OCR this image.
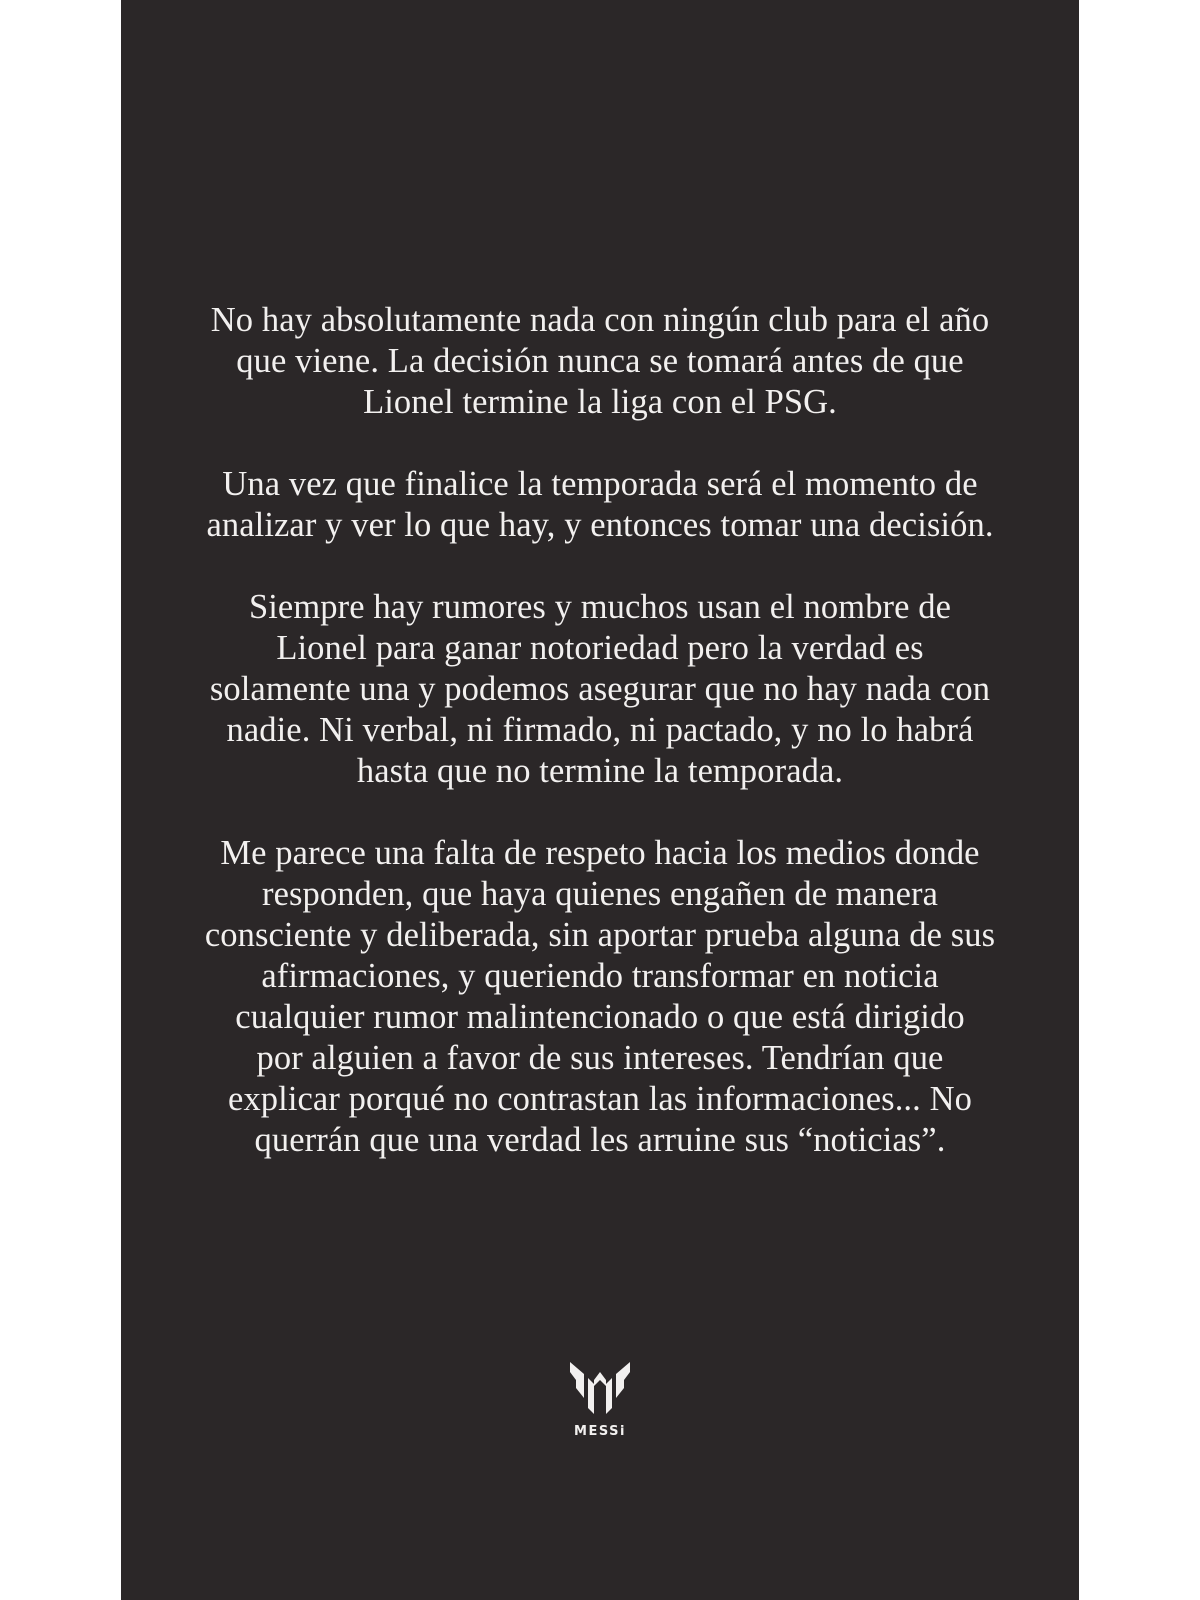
No hay absolutamente nada con ningún club para el año
que viene. La decisión nunca se tomará antes de que
Lionel termine la liga con el PSG.

Una vez que finalice la temporada será el momento de
analizar y ver lo que hay, y entonces tomar una decisión.

Siempre hay rumores y muchos usan el nombre de
Lionel para ganar notoriedad pero la verdad es
solamente una y podemos asegurar que no hay nada con
nadie. Ni verbal, ni firmado, ni pactado, y no lo habrá
hasta que no termine la temporada.

Me parece una falta de respeto hacia los medios donde
responden, que haya quienes engañen de manera
consciente y deliberada, sin aportar prueba alguna de sus
afirmaciones, y queriendo transformar en noticia
cualquier rumor malintencionado o que está dirigido
por alguien a favor de sus intereses. Tendrían que
explicar porqué no contrastan las informaciones... No
querrán que una verdad les arruine sus “noticias”.

MESSi
